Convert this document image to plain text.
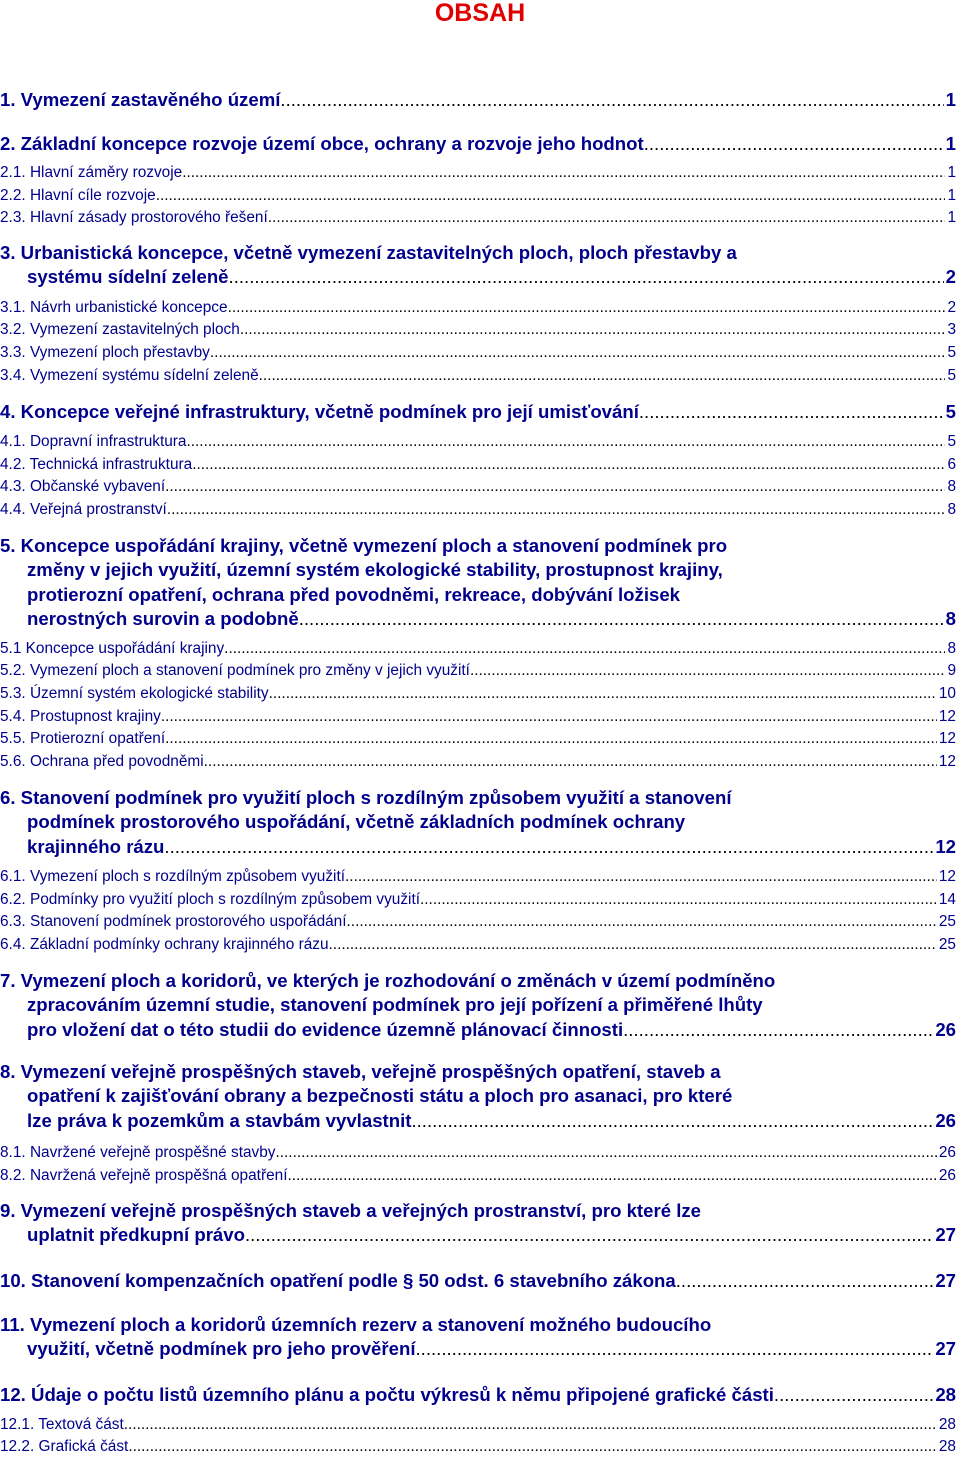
OBSAH
1. Vymezení zastavěného území .....	1
2. Základní koncepce rozvoje území obce, ochrany a rozvoje jeho hodnot .....	1
2.1. Hlavní záměry rozvoje .....	1
2.2. Hlavní cíle rozvoje .....	1
2.3. Hlavní zásady prostorového řešení .....	1
3. Urbanistická koncepce, včetně vymezení zastavitelných ploch, ploch přestavby a
systému sídelní zeleně .....	2
3.1. Návrh urbanistické koncepce .....	2
3.2. Vymezení zastavitelných ploch .....	3
3.3. Vymezení ploch přestavby .....	5
3.4. Vymezení systému sídelní zeleně .....	5
4. Koncepce veřejné infrastruktury, včetně podmínek pro její umisťování .....	5
4.1. Dopravní infrastruktura .....	5
4.2. Technická infrastruktura .....	6
4.3. Občanské vybavení .....	8
4.4. Veřejná prostranství .....	8
5. Koncepce uspořádání krajiny, včetně vymezení ploch a stanovení podmínek pro
změny v jejich využití, územní systém ekologické stability, prostupnost krajiny,
protierozní opatření, ochrana před povodněmi, rekreace, dobývání ložisek
nerostných surovin a podobně .....	8
5.1 Koncepce uspořádání krajiny .....	8
5.2. Vymezení ploch a stanovení podmínek pro změny v jejich využití .....	9
5.3. Územní systém ekologické stability .....	10
5.4. Prostupnost krajiny .....	12
5.5. Protierozní opatření .....	12
5.6. Ochrana před povodněmi .....	12
6. Stanovení podmínek pro využití ploch s rozdílným způsobem využití a stanovení
podmínek prostorového uspořádání, včetně základních podmínek ochrany
krajinného rázu .....	12
6.1. Vymezení ploch s rozdílným způsobem využití .....	12
6.2. Podmínky pro využití ploch s rozdílným způsobem využití .....	14
6.3. Stanovení podmínek prostorového uspořádání .....	25
6.4. Základní podmínky ochrany krajinného rázu .....	25
7. Vymezení ploch a koridorů, ve kterých je rozhodování o změnách v území podmíněno
zpracováním územní studie, stanovení podmínek pro její pořízení a přiměřené lhůty
pro vložení dat o této studii do evidence územně plánovací činnosti .....	26
8. Vymezení veřejně prospěšných staveb, veřejně prospěšných opatření, staveb a
opatření k zajišťování obrany a bezpečnosti státu a ploch pro asanaci, pro které
lze práva k pozemkům a stavbám vyvlastnit .....	26
8.1. Navržené veřejně prospěšné stavby .....	26
8.2. Navržená veřejně prospěšná opatření .....	26
9. Vymezení veřejně prospěšných staveb a veřejných prostranství, pro které lze
uplatnit předkupní právo .....	27
10. Stanovení kompenzačních opatření podle § 50 odst. 6 stavebního zákona .....	27
11. Vymezení ploch a koridorů územních rezerv a stanovení možného budoucího
využití, včetně podmínek pro jeho prověření .....	27
12. Údaje o počtu listů územního plánu a počtu výkresů k němu připojené grafické části .....	28
12.1. Textová část .....	28
12.2. Grafická část .....	28
